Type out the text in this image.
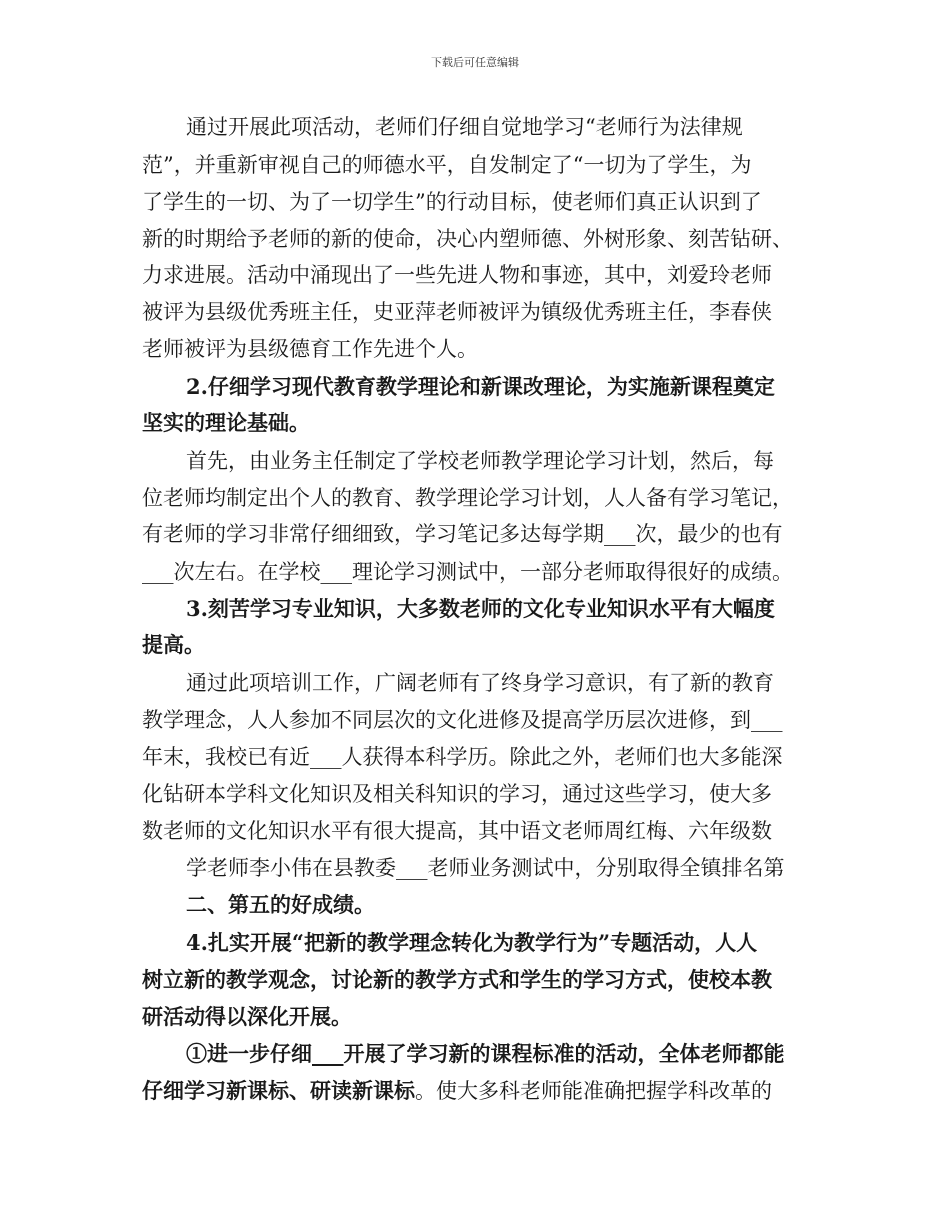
下载后可任意编辑
通过开展此项活动，老师们仔细自觉地学习“老师行为法律规
范”，并重新审视自己的师德水平，自发制定了“一切为了学生，为
了学生的一切、为了一切学生”的行动目标，使老师们真正认识到了
新的时期给予老师的新的使命，决心内塑师德、外树形象、刻苦钻研、
力求进展。活动中涌现出了一些先进人物和事迹，其中，刘爱玲老师
被评为县级优秀班主任，史亚萍老师被评为镇级优秀班主任，李春侠
老师被评为县级德育工作先进个人。
2.仔细学习现代教育教学理论和新课改理论，为实施新课程奠定
坚实的理论基础。
首先，由业务主任制定了学校老师教学理论学习计划，然后，每
位老师均制定出个人的教育、教学理论学习计划，人人备有学习笔记，
有老师的学习非常仔细细致，学习笔记多达每学期___次，最少的也有
___次左右。在学校___理论学习测试中，一部分老师取得很好的成绩。
3.刻苦学习专业知识，大多数老师的文化专业知识水平有大幅度
提高。
通过此项培训工作，广阔老师有了终身学习意识，有了新的教育
教学理念，人人参加不同层次的文化进修及提高学历层次进修，到___
年末，我校已有近___人获得本科学历。除此之外，老师们也大多能深
化钻研本学科文化知识及相关科知识的学习，通过这些学习，使大多
数老师的文化知识水平有很大提高，其中语文老师周红梅、六年级数
学老师李小伟在县教委___老师业务测试中，分别取得全镇排名第
二、第五的好成绩。
4.扎实开展“把新的教学理念转化为教学行为”专题活动，人人
树立新的教学观念，讨论新的教学方式和学生的学习方式，使校本教
研活动得以深化开展。
①进一步仔细___开展了学习新的课程标准的活动，全体老师都能
仔细学习新课标、研读新课标。使大多科老师能准确把握学科改革的
